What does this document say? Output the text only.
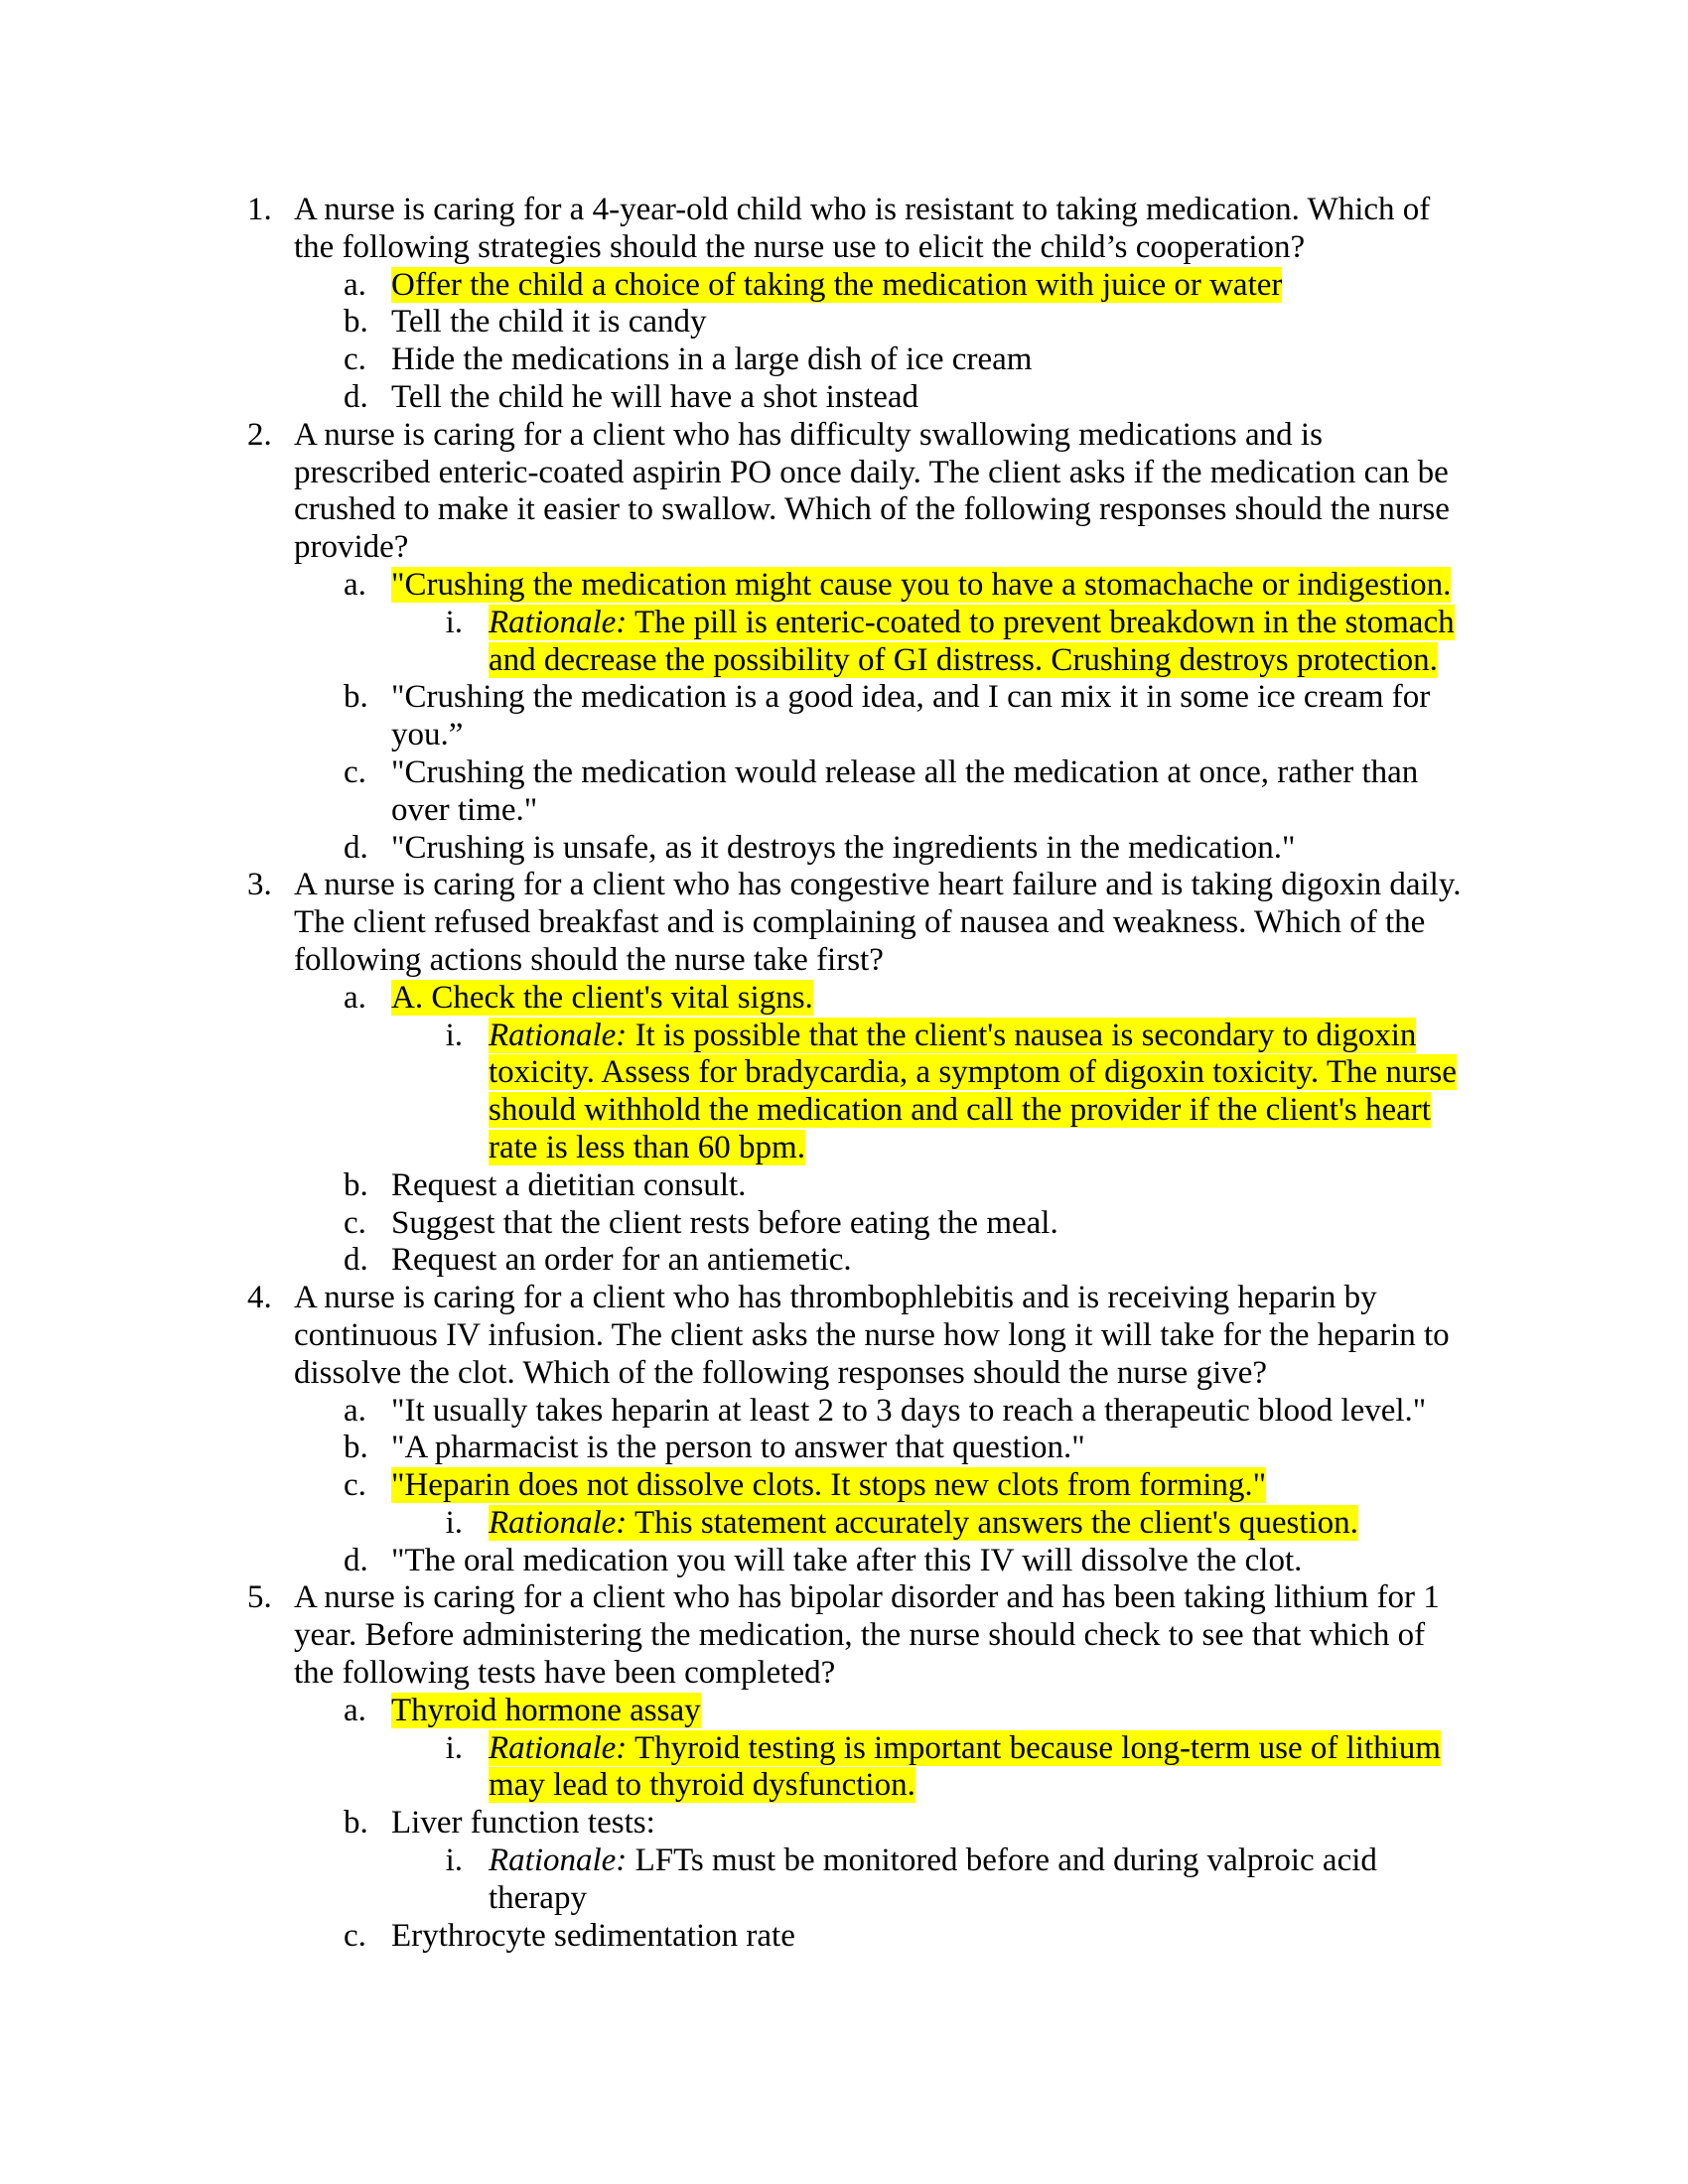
1. A nurse is caring for a 4-year-old child who is resistant to taking medication. Which of the following strategies should the nurse use to elicit the child’s cooperation?
a. Offer the child a choice of taking the medication with juice or water
b. Tell the child it is candy
c. Hide the medications in a large dish of ice cream
d. Tell the child he will have a shot instead
2. A nurse is caring for a client who has difficulty swallowing medications and is prescribed enteric-coated aspirin PO once daily. The client asks if the medication can be crushed to make it easier to swallow. Which of the following responses should the nurse provide?
a. "Crushing the medication might cause you to have a stomachache or indigestion.
i. Rationale: The pill is enteric-coated to prevent breakdown in the stomach and decrease the possibility of GI distress. Crushing destroys protection.
b. "Crushing the medication is a good idea, and I can mix it in some ice cream for you.”
c. "Crushing the medication would release all the medication at once, rather than over time."
d. "Crushing is unsafe, as it destroys the ingredients in the medication."
3. A nurse is caring for a client who has congestive heart failure and is taking digoxin daily. The client refused breakfast and is complaining of nausea and weakness. Which of the following actions should the nurse take first?
a. A. Check the client's vital signs.
i. Rationale: It is possible that the client's nausea is secondary to digoxin toxicity. Assess for bradycardia, a symptom of digoxin toxicity. The nurse should withhold the medication and call the provider if the client's heart rate is less than 60 bpm.
b. Request a dietitian consult.
c. Suggest that the client rests before eating the meal.
d. Request an order for an antiemetic.
4. A nurse is caring for a client who has thrombophlebitis and is receiving heparin by continuous IV infusion. The client asks the nurse how long it will take for the heparin to dissolve the clot. Which of the following responses should the nurse give?
a. "It usually takes heparin at least 2 to 3 days to reach a therapeutic blood level."
b. "A pharmacist is the person to answer that question."
c. "Heparin does not dissolve clots. It stops new clots from forming."
i. Rationale: This statement accurately answers the client's question.
d. "The oral medication you will take after this IV will dissolve the clot.
5. A nurse is caring for a client who has bipolar disorder and has been taking lithium for 1 year. Before administering the medication, the nurse should check to see that which of the following tests have been completed?
a. Thyroid hormone assay
i. Rationale: Thyroid testing is important because long-term use of lithium may lead to thyroid dysfunction.
b. Liver function tests:
i. Rationale: LFTs must be monitored before and during valproic acid therapy
c. Erythrocyte sedimentation rate
